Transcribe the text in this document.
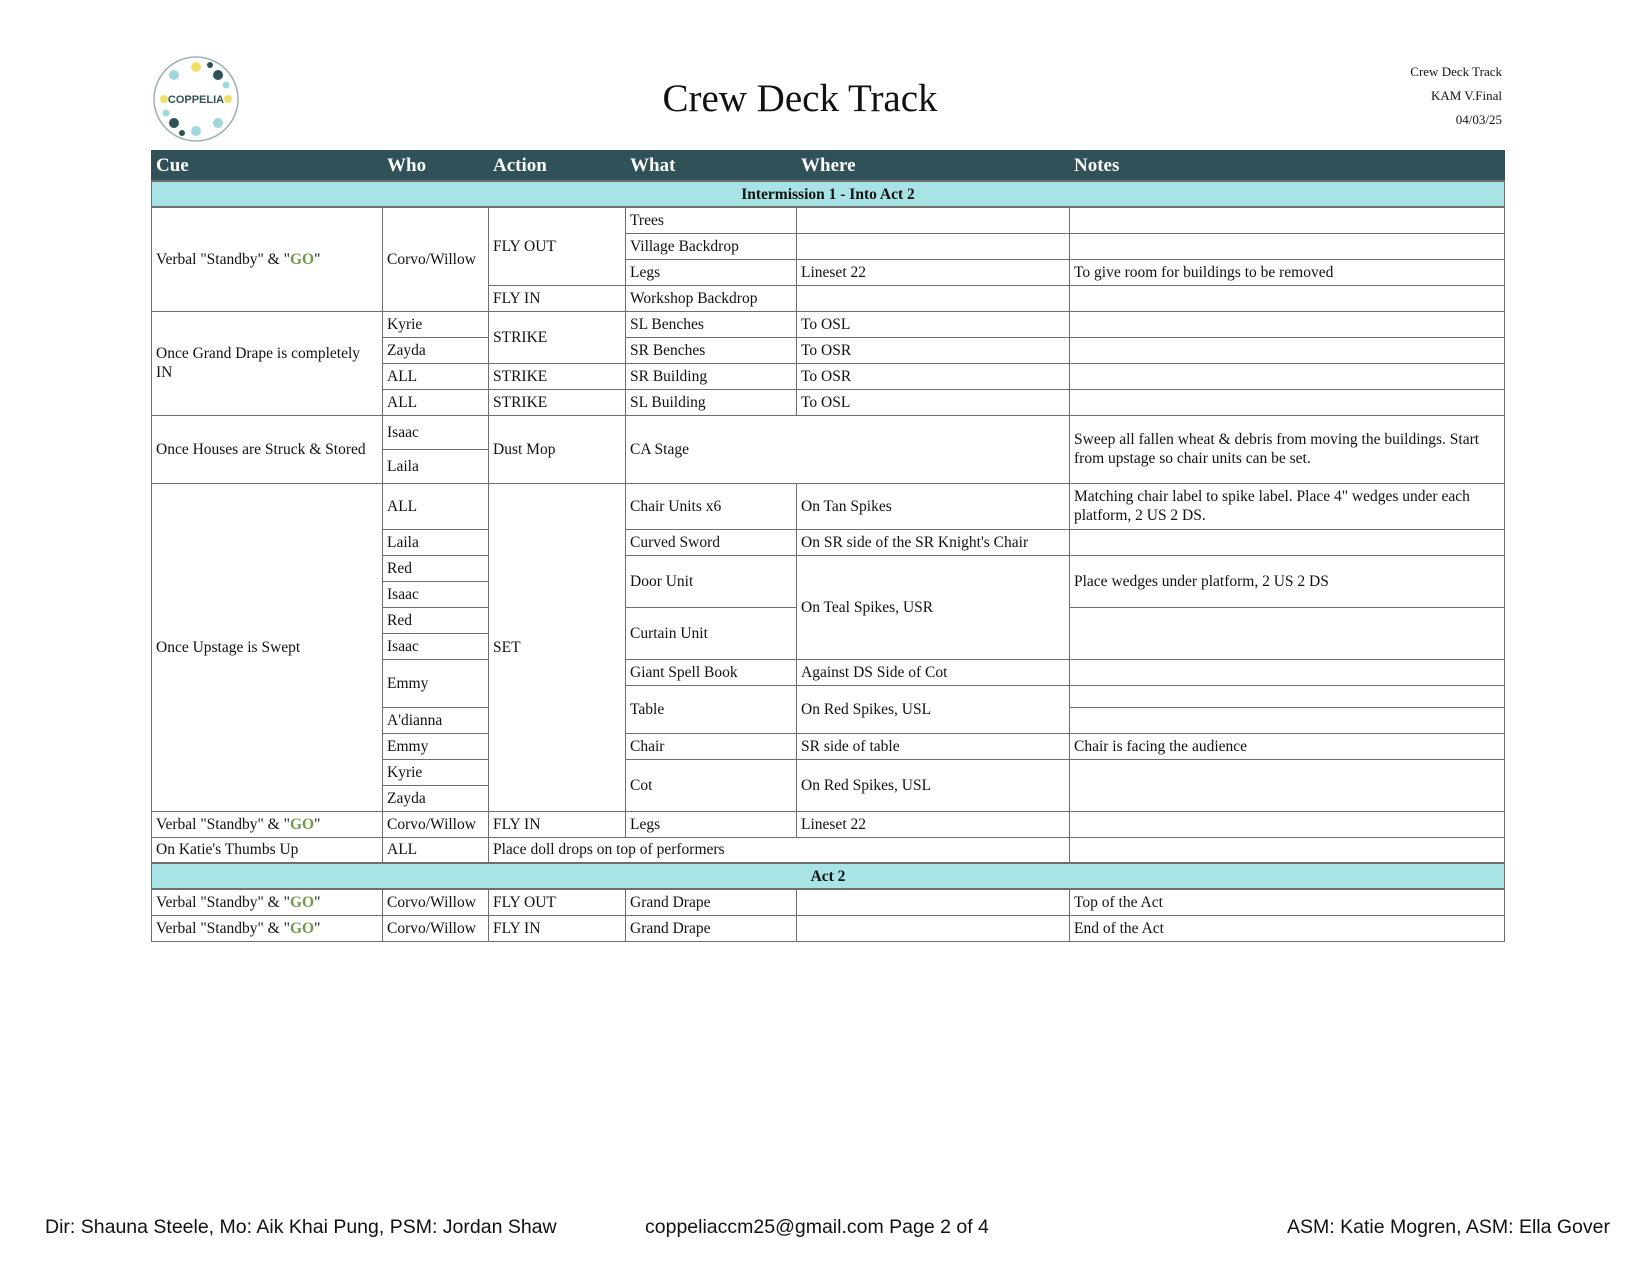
COPPELIA	Crew Deck Track
Crew Deck Track
KAM V.Final
04/03/25
Cue	Who	Action	What	Where	Notes
Intermission 1 - Into Act 2					
Verbal "Standby" & "GO"	Corvo/Willow	FLY OUT	Trees		
			Village Backdrop		
			Legs	Lineset 22	To give room for buildings to be removed
		FLY IN	Workshop Backdrop		
Once Grand Drape is completely IN	Kyrie	STRIKE	SL Benches	To OSL	
	Zayda		SR Benches	To OSR	
	ALL	STRIKE	SR Building	To OSR	
	ALL	STRIKE	SL Building	To OSL	
Once Houses are Struck & Stored	Isaac	Dust Mop	CA Stage		Sweep all fallen wheat & debris from moving the buildings. Start from upstage so chair units can be set.
	Laila				
Once Upstage is Swept	ALL	SET	Chair Units x6	On Tan Spikes	Matching chair label to spike label. Place 4" wedges under each platform, 2 US 2 DS.
	Laila		Curved Sword	On SR side of the SR Knight's Chair	
	Red		Door Unit	On Teal Spikes, USR	Place wedges under platform, 2 US 2 DS
	Isaac				
	Red		Curtain Unit		
	Isaac				
	Emmy		Giant Spell Book	Against DS Side of Cot	
			Table	On Red Spikes, USL	
	A'dianna				

	Emmy		Chair	SR side of table	Chair is facing the audience
	Kyrie		Cot	On Red Spikes, USL	
	Zayda				
Verbal "Standby" & "GO"	Corvo/Willow	FLY IN	Legs	Lineset 22	
On Katie's Thumbs Up	ALL	Place doll drops on top of performers			
Act 2					
Verbal "Standby" & "GO"	Corvo/Willow	FLY OUT	Grand Drape		Top of the Act
Verbal "Standby" & "GO"	Corvo/Willow	FLY IN	Grand Drape		End of the Act
Dir: Shauna Steele, Mo: Aik Khai Pung, PSM: Jordan Shaw	coppeliaccm25@gmail.com Page 2 of 4	ASM: Katie Mogren, ASM: Ella Gover
